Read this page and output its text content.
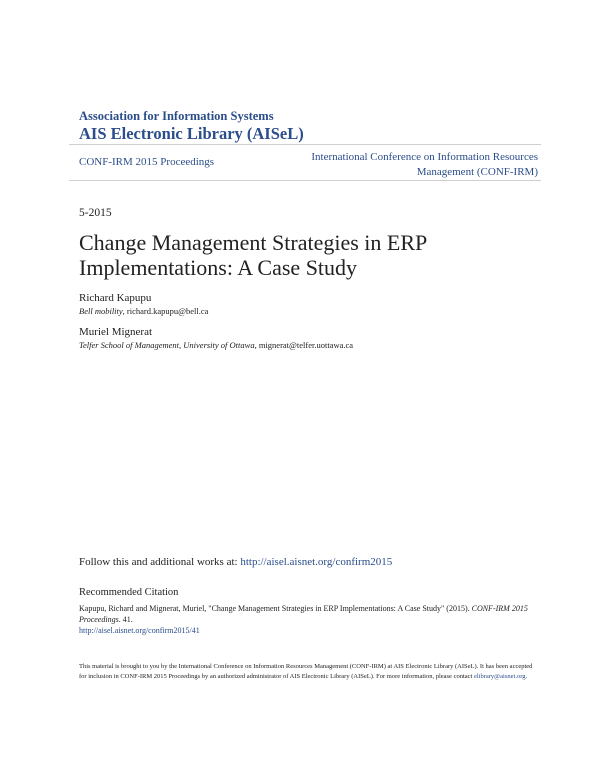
Association for Information Systems
AIS Electronic Library (AISeL)
CONF-IRM 2015 Proceedings	International Conference on Information Resources Management (CONF-IRM)
5-2015
Change Management Strategies in ERP Implementations: A Case Study
Richard Kapupu
Bell mobility, richard.kapupu@bell.ca
Muriel Mignerat
Telfer School of Management, University of Ottawa, mignerat@telfer.uottawa.ca
Follow this and additional works at: http://aisel.aisnet.org/confirm2015
Recommended Citation
Kapupu, Richard and Mignerat, Muriel, "Change Management Strategies in ERP Implementations: A Case Study" (2015). CONF-IRM 2015 Proceedings. 41.
http://aisel.aisnet.org/confirm2015/41
This material is brought to you by the International Conference on Information Resources Management (CONF-IRM) at AIS Electronic Library (AISeL). It has been accepted for inclusion in CONF-IRM 2015 Proceedings by an authorized administrator of AIS Electronic Library (AISeL). For more information, please contact elibrary@aisnet.org.
